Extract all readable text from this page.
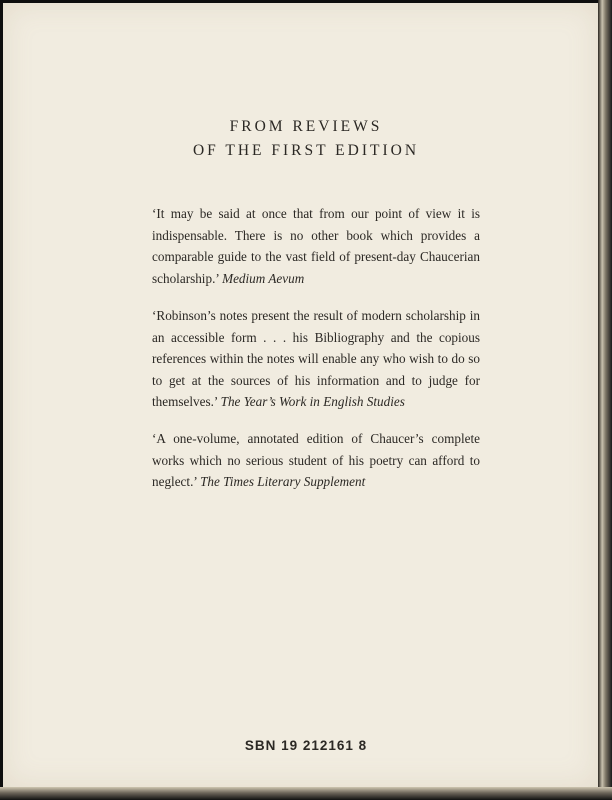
FROM REVIEWS
OF THE FIRST EDITION

‘It may be said at once that from our point of view it is indispensable. There is no other book which provides a comparable guide to the vast field of present-day Chaucerian scholarship.’ Medium Aevum

‘Robinson’s notes present the result of modern scholarship in an accessible form . . . his Bibliography and the copious references within the notes will enable any who wish to do so to get at the sources of his information and to judge for themselves.’ The Year’s Work in English Studies

‘A one-volume, annotated edition of Chaucer’s complete works which no serious student of his poetry can afford to neglect.’ The Times Literary Supplement

SBN 19 212161 8
